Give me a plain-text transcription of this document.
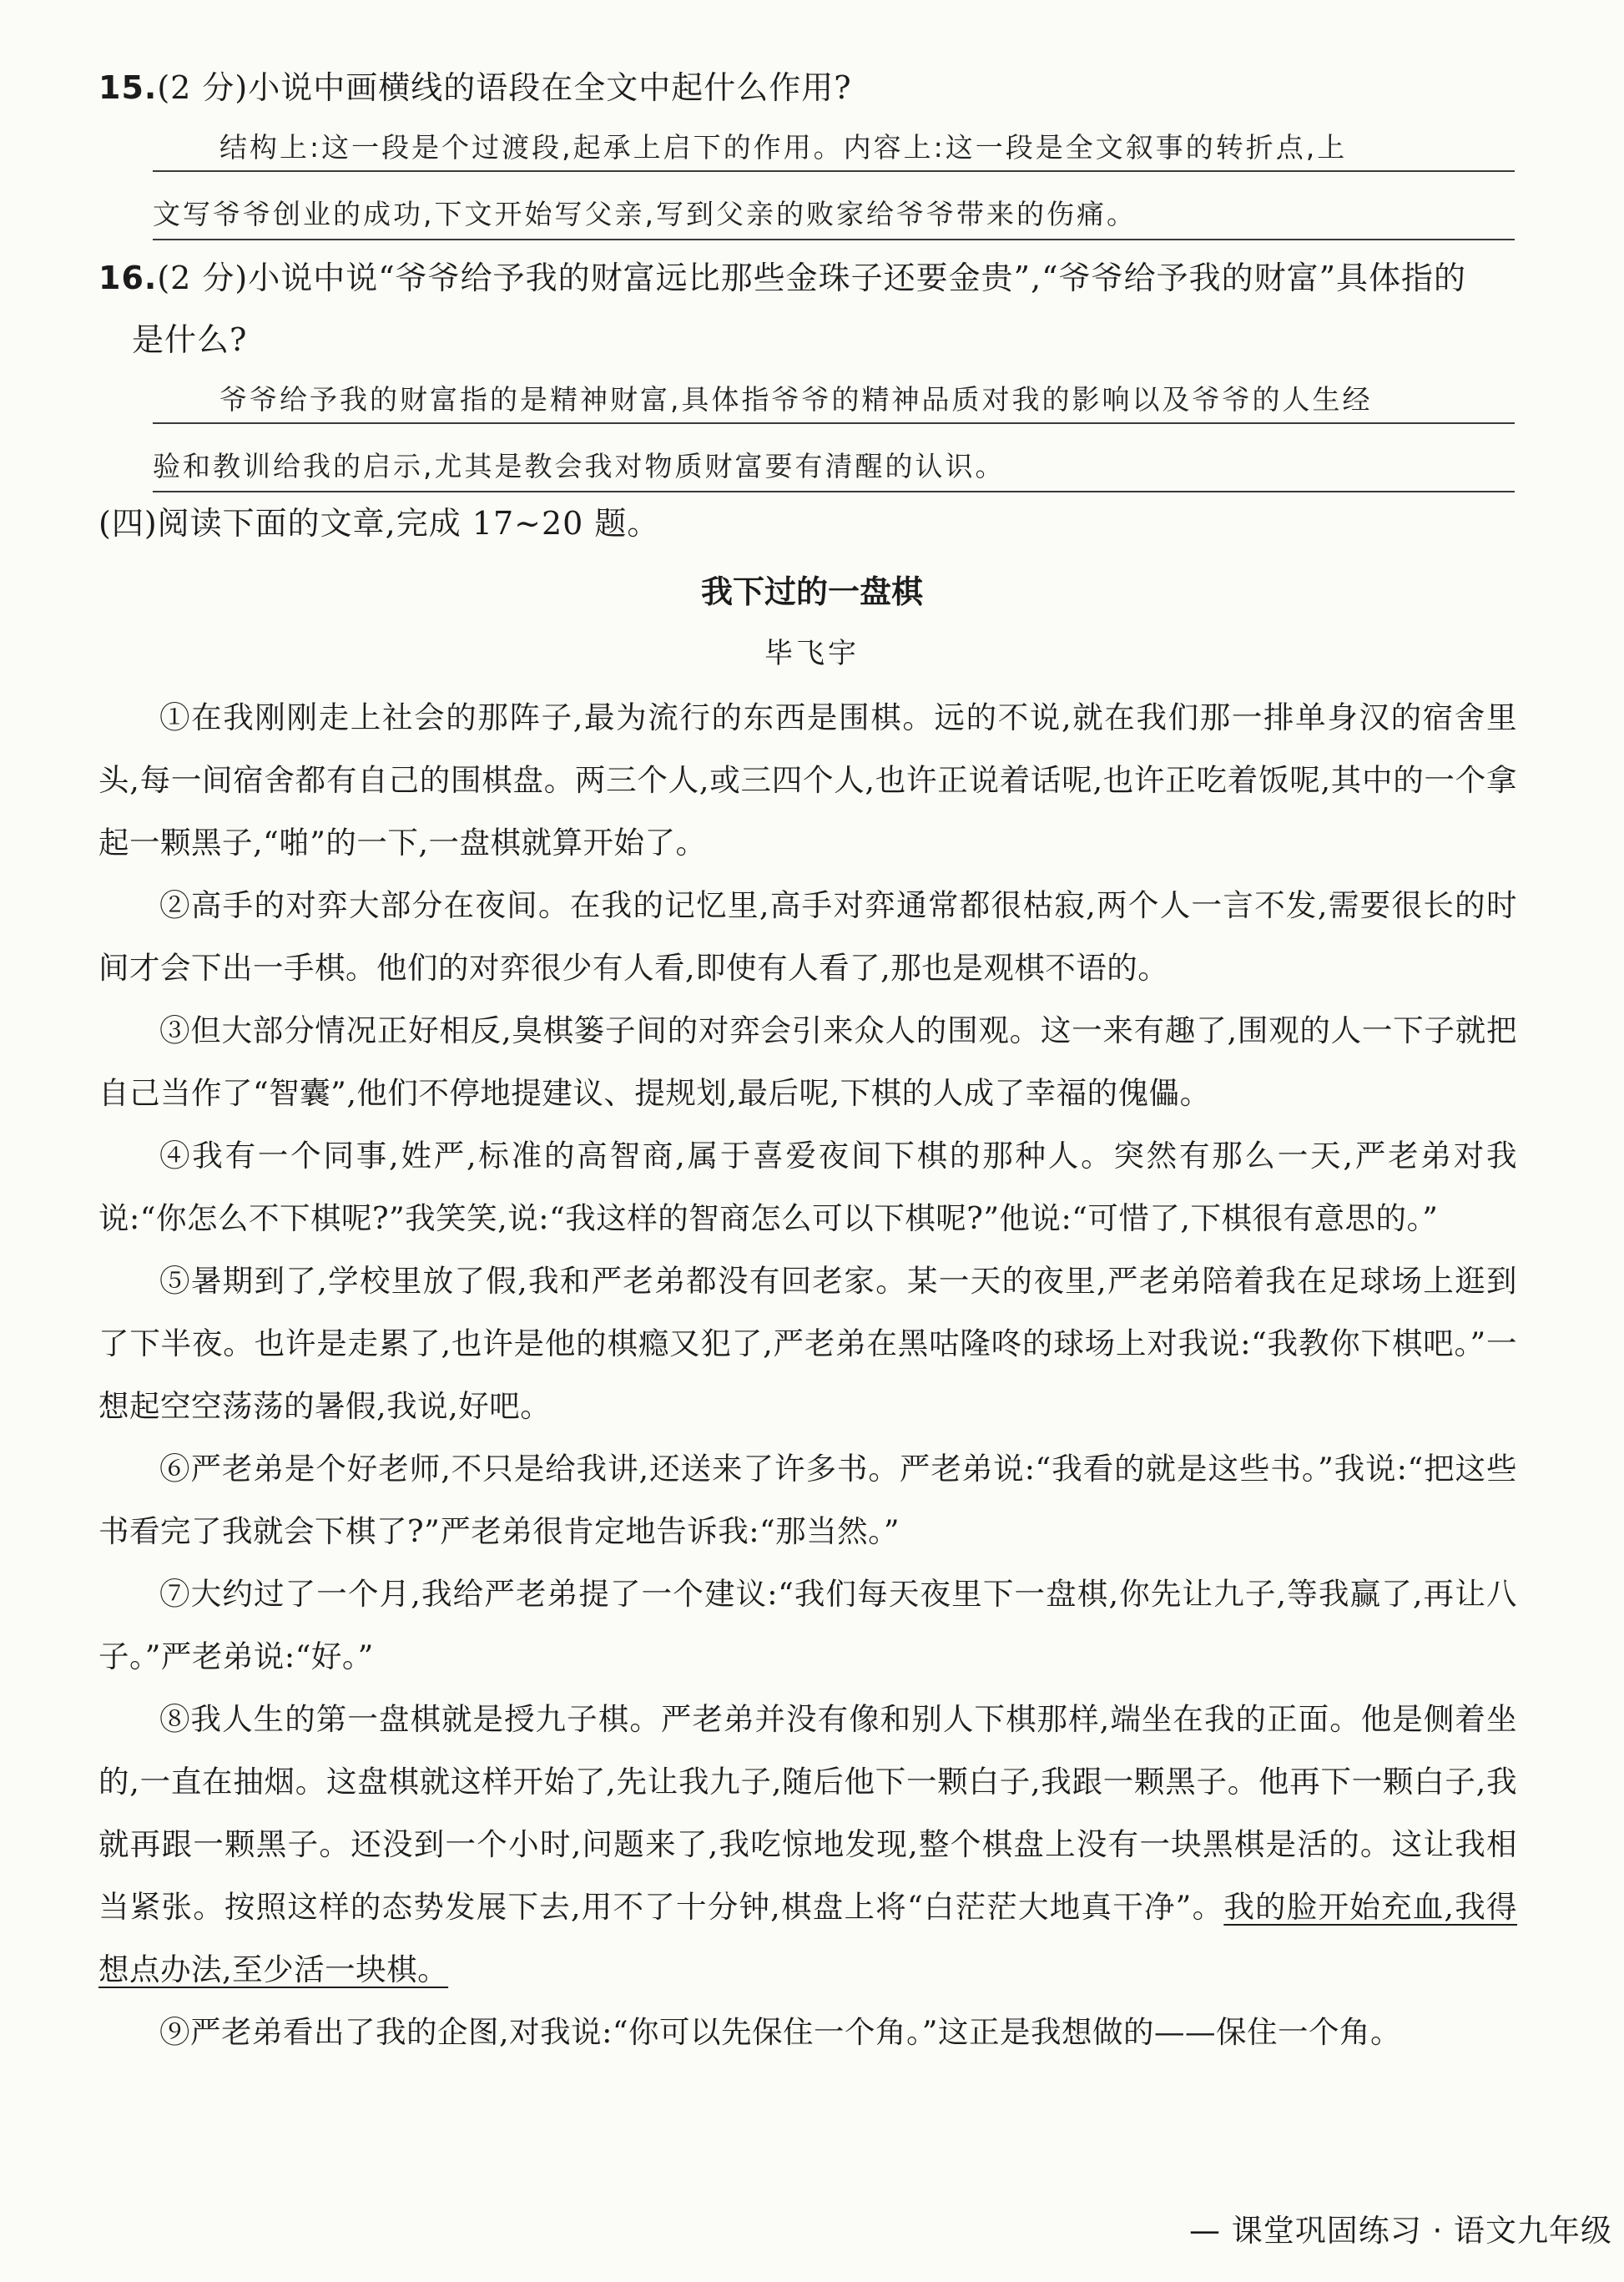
15.(2 分)小说中画横线的语段在全文中起什么作用?
结构上:这一段是个过渡段,起承上启下的作用。内容上:这一段是全文叙事的转折点,上
文写爷爷创业的成功,下文开始写父亲,写到父亲的败家给爷爷带来的伤痛。
16.(2 分)小说中说“爷爷给予我的财富远比那些金珠子还要金贵”,“爷爷给予我的财富”具体指的
是什么?
爷爷给予我的财富指的是精神财富,具体指爷爷的精神品质对我的影响以及爷爷的人生经
验和教训给我的启示,尤其是教会我对物质财富要有清醒的认识。
(四)阅读下面的文章,完成 17~20 题。
我下过的一盘棋
毕飞宇

①在我刚刚走上社会的那阵子,最为流行的东西是围棋。远的不说,就在我们那一排单身汉的宿舍里头,每一间宿舍都有自己的围棋盘。两三个人,或三四个人,也许正说着话呢,也许正吃着饭呢,其中的一个拿起一颗黑子,“啪”的一下,一盘棋就算开始了。

②高手的对弈大部分在夜间。在我的记忆里,高手对弈通常都很枯寂,两个人一言不发,需要很长的时间才会下出一手棋。他们的对弈很少有人看,即使有人看了,那也是观棋不语的。

③但大部分情况正好相反,臭棋篓子间的对弈会引来众人的围观。这一来有趣了,围观的人一下子就把自己当作了“智囊”,他们不停地提建议、提规划,最后呢,下棋的人成了幸福的傀儡。

④我有一个同事,姓严,标准的高智商,属于喜爱夜间下棋的那种人。突然有那么一天,严老弟对我说:“你怎么不下棋呢?”我笑笑,说:“我这样的智商怎么可以下棋呢?”他说:“可惜了,下棋很有意思的。”

⑤暑期到了,学校里放了假,我和严老弟都没有回老家。某一天的夜里,严老弟陪着我在足球场上逛到了下半夜。也许是走累了,也许是他的棋瘾又犯了,严老弟在黑咕隆咚的球场上对我说:“我教你下棋吧。”一想起空空荡荡的暑假,我说,好吧。

⑥严老弟是个好老师,不只是给我讲,还送来了许多书。严老弟说:“我看的就是这些书。”我说:“把这些书看完了我就会下棋了?”严老弟很肯定地告诉我:“那当然。”

⑦大约过了一个月,我给严老弟提了一个建议:“我们每天夜里下一盘棋,你先让九子,等我赢了,再让八子。”严老弟说:“好。”

⑧我人生的第一盘棋就是授九子棋。严老弟并没有像和别人下棋那样,端坐在我的正面。他是侧着坐的,一直在抽烟。这盘棋就这样开始了,先让我九子,随后他下一颗白子,我跟一颗黑子。他再下一颗白子,我就再跟一颗黑子。还没到一个小时,问题来了,我吃惊地发现,整个棋盘上没有一块黑棋是活的。这让我相当紧张。按照这样的态势发展下去,用不了十分钟,棋盘上将“白茫茫大地真干净”。我的脸开始充血,我得想点办法,至少活一块棋。

⑨严老弟看出了我的企图,对我说:“你可以先保住一个角。”这正是我想做的——保住一个角。

— 课堂巩固练习 · 语文九年级
